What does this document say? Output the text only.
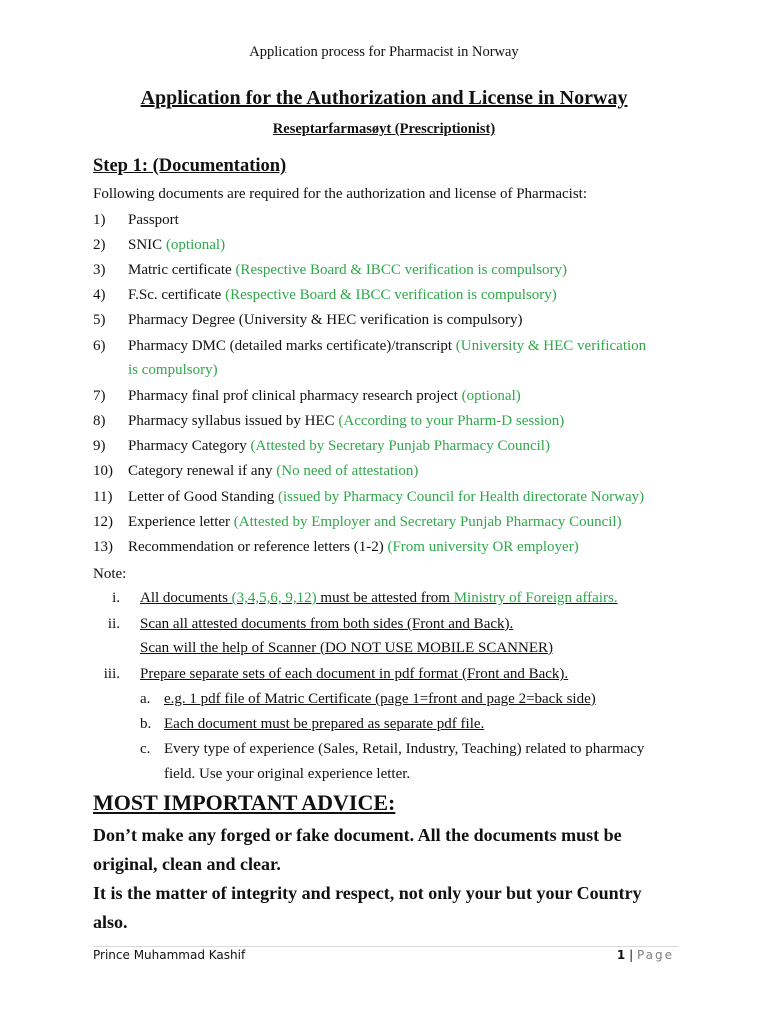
Application process for Pharmacist in Norway
Application for the Authorization and License in Norway
Reseptarfarmasøyt (Prescriptionist)
Step 1: (Documentation)
Following documents are required for the authorization and license of Pharmacist:
1) Passport
2) SNIC (optional)
3) Matric certificate (Respective Board & IBCC verification is compulsory)
4) F.Sc. certificate (Respective Board & IBCC verification is compulsory)
5) Pharmacy Degree (University & HEC verification is compulsory)
6) Pharmacy DMC (detailed marks certificate)/transcript (University & HEC verification
is compulsory)
7) Pharmacy final prof clinical pharmacy research project (optional)
8) Pharmacy syllabus issued by HEC (According to your Pharm-D session)
9) Pharmacy Category (Attested by Secretary Punjab Pharmacy Council)
10) Category renewal if any (No need of attestation)
11) Letter of Good Standing (issued by Pharmacy Council for Health directorate Norway)
12) Experience letter (Attested by Employer and Secretary Punjab Pharmacy Council)
13) Recommendation or reference letters (1-2) (From university OR employer)
Note:
i. All documents (3,4,5,6, 9,12) must be attested from Ministry of Foreign affairs.
ii. Scan all attested documents from both sides (Front and Back).
Scan will the help of Scanner (DO NOT USE MOBILE SCANNER)
iii. Prepare separate sets of each document in pdf format (Front and Back).
a. e.g. 1 pdf file of Matric Certificate (page 1=front and page 2=back side)
b. Each document must be prepared as separate pdf file.
c. Every type of experience (Sales, Retail, Industry, Teaching) related to pharmacy
field. Use your original experience letter.
MOST IMPORTANT ADVICE:
Don’t make any forged or fake document. All the documents must be
original, clean and clear.
It is the matter of integrity and respect, not only your but your Country
also.
Prince Muhammad Kashif	1 | Page
